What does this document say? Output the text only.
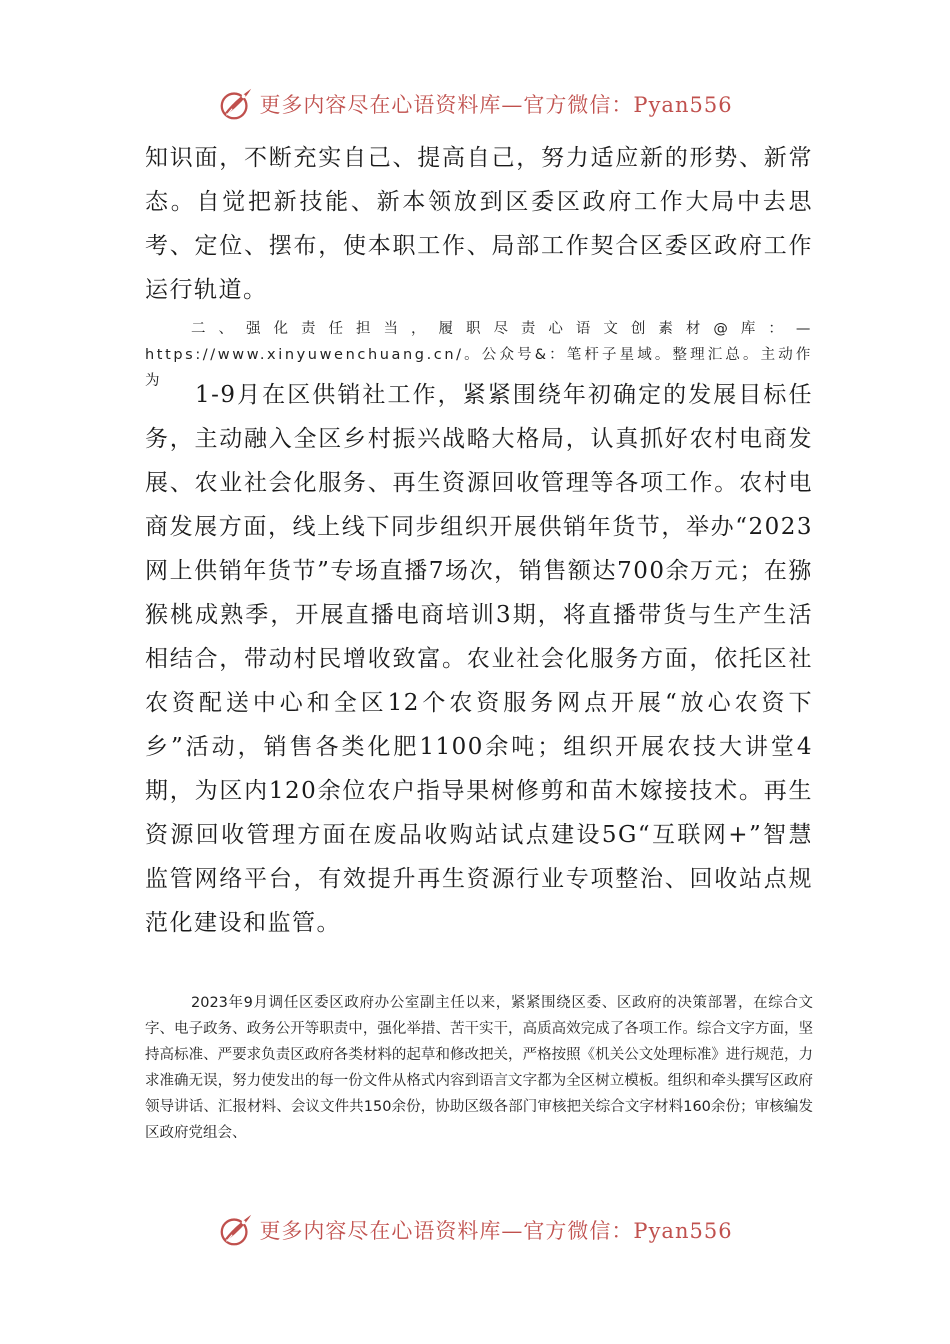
更多内容尽在心语资料库—官方微信：Pyan556

知识面，不断充实自己、提高自己，努力适应新的形势、新常态。自觉把新技能、新本领放到区委区政府工作大局中去思考、定位、摆布，使本职工作、局部工作契合区委区政府工作运行轨道。

二、强化责任担当，履职尽责心语文创素材@库：—https://www.xinyuwenchuang.cn/。公众号&：笔杆子星域。整理汇总。主动作为

1-9月在区供销社工作，紧紧围绕年初确定的发展目标任务，主动融入全区乡村振兴战略大格局，认真抓好农村电商发展、农业社会化服务、再生资源回收管理等各项工作。农村电商发展方面，线上线下同步组织开展供销年货节，举办“2023网上供销年货节”专场直播7场次，销售额达700余万元；在猕猴桃成熟季，开展直播电商培训3期，将直播带货与生产生活相结合，带动村民增收致富。农业社会化服务方面，依托区社农资配送中心和全区12个农资服务网点开展“放心农资下乡”活动，销售各类化肥1100余吨；组织开展农技大讲堂4期，为区内120余位农户指导果树修剪和苗木嫁接技术。再生资源回收管理方面在废品收购站试点建设5G“互联网+”智慧监管网络平台，有效提升再生资源行业专项整治、回收站点规范化建设和监管。

2023年9月调任区委区政府办公室副主任以来，紧紧围绕区委、区政府的决策部署，在综合文字、电子政务、政务公开等职责中，强化举措、苦干实干，高质高效完成了各项工作。综合文字方面，坚持高标准、严要求负责区政府各类材料的起草和修改把关，严格按照《机关公文处理标准》进行规范，力求准确无误，努力使发出的每一份文件从格式内容到语言文字都为全区树立模板。组织和牵头撰写区政府领导讲话、汇报材料、会议文件共150余份，协助区级各部门审核把关综合文字材料160余份；审核编发区政府党组会、

更多内容尽在心语资料库—官方微信：Pyan556
